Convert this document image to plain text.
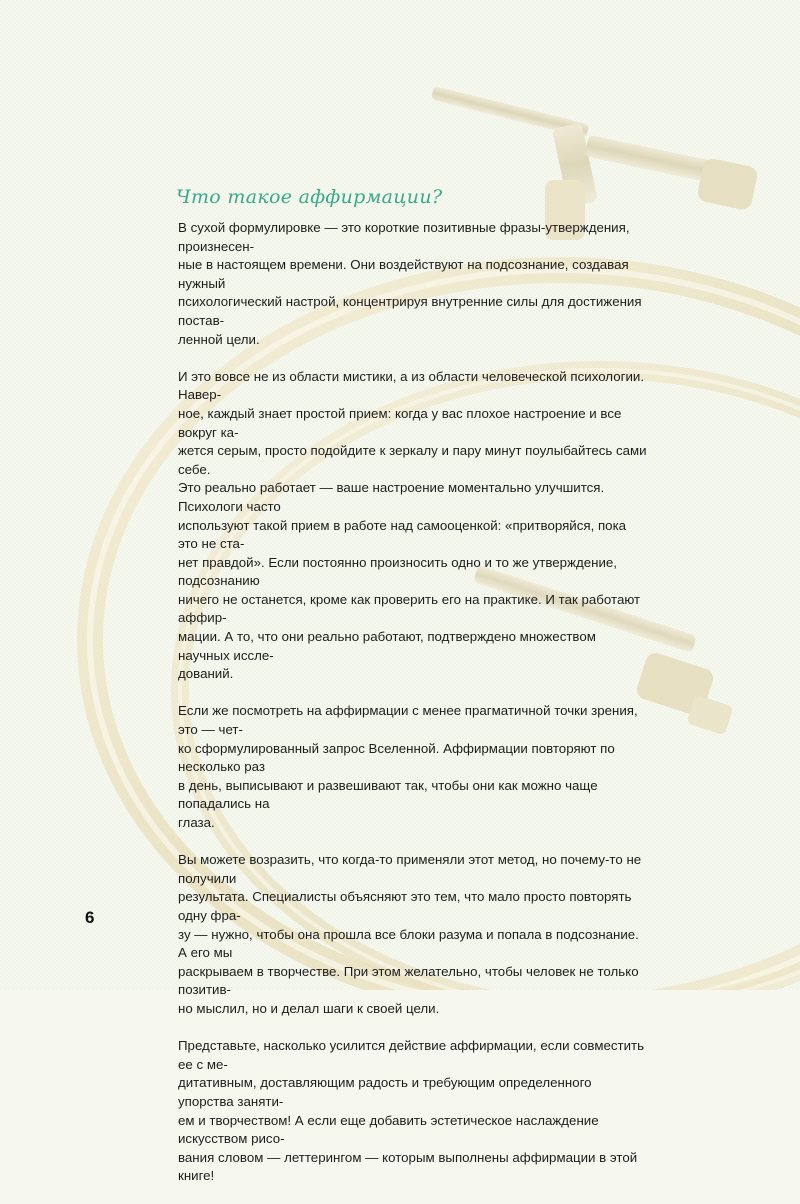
Что такое аффирмации?

В сухой формулировке — это короткие позитивные фразы-утверждения, произнесен-
ные в настоящем времени. Они воздействуют на подсознание, создавая нужный
психологический настрой, концентрируя внутренние силы для достижения постав-
ленной цели.

И это вовсе не из области мистики, а из области человеческой психологии. Навер-
ное, каждый знает простой прием: когда у вас плохое настроение и все вокруг ка-
жется серым, просто подойдите к зеркалу и пару минут поулыбайтесь сами себе.
Это реально работает — ваше настроение моментально улучшится. Психологи часто
используют такой прием в работе над самооценкой: «притворяйся, пока это не ста-
нет правдой». Если постоянно произносить одно и то же утверждение, подсознанию
ничего не останется, кроме как проверить его на практике. И так работают аффир-
мации. А то, что они реально работают, подтверждено множеством научных иссле-
дований.

Если же посмотреть на аффирмации с менее прагматичной точки зрения, это — чет-
ко сформулированный запрос Вселенной. Аффирмации повторяют по несколько раз
в день, выписывают и развешивают так, чтобы они как можно чаще попадались на
глаза.

Вы можете возразить, что когда-то применяли этот метод, но почему-то не получили
результата. Специалисты объясняют это тем, что мало просто повторять одну фра-
зу — нужно, чтобы она прошла все блоки разума и попала в подсознание. А его мы
раскрываем в творчестве. При этом желательно, чтобы человек не только позитив-
но мыслил, но и делал шаги к своей цели.

Представьте, насколько усилится действие аффирмации, если совместить ее с ме-
дитативным, доставляющим радость и требующим определенного упорства заняти-
ем и творчеством! А если еще добавить эстетическое наслаждение искусством рисо-
вания словом — леттерингом — которым выполнены аффирмации в этой книге!

6
